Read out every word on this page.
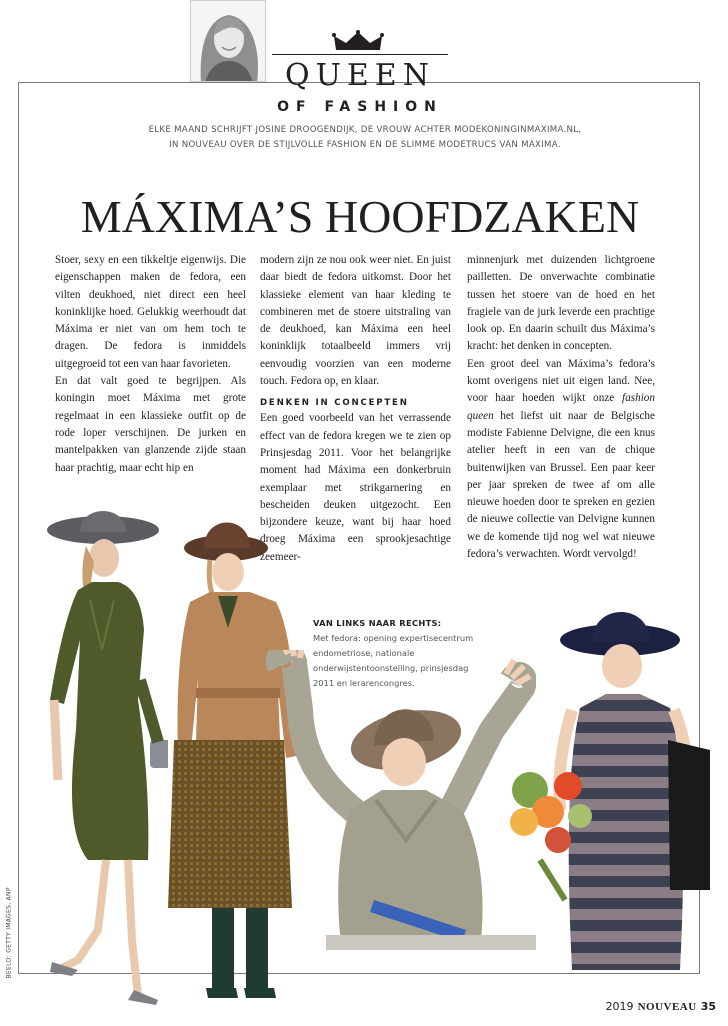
QUEEN
OF FASHION
ELKE MAAND SCHRIJFT JOSINE DROOGENDIJK, DE VROUW ACHTER MODEKONINGINMAXIMA.NL,
IN NOUVEAU OVER DE STIJLVOLLE FASHION EN DE SLIMME MODETRUCS VAN MÁXIMA.
MÁXIMA’S HOOFDZAKEN

Stoer, sexy en een tikkeltje eigenwijs. Die eigenschappen maken de fedora, een vilten deukhoed, niet direct een heel koninklijke hoed. Gelukkig weerhoudt dat Máxima er niet van om hem toch te dragen. De fedora is inmiddels uitgegroeid tot een van haar favorieten.

En dat valt goed te begrijpen. Als koningin moet Máxima met grote regelmaat in een klassieke outfit op de rode loper verschijnen. De jurken en mantelpakken van glanzende zijde staan haar prachtig, maar echt hip en

modern zijn ze nou ook weer niet. En juist daar biedt de fedora uitkomst. Door het klassieke element van haar kleding te combineren met de stoere uitstraling van de deukhoed, kan Máxima een heel koninklijk totaalbeeld immers vrij eenvoudig voorzien van een moderne touch. Fedora op, en klaar.

DENKEN IN CONCEPTEN

Een goed voorbeeld van het verrassende effect van de fedora kregen we te zien op Prinsjesdag 2011. Voor het belangrijke moment had Máxima een donkerbruin exemplaar met strikgarnering en bescheiden deuken uitgezocht. Een bijzondere keuze, want bij haar hoed droeg Máxima een sprookjesachtige zeemeer-

minnenjurk met duizenden lichtgroene pailletten. De onverwachte combinatie tussen het stoere van de hoed en het fragiele van de jurk leverde een prachtige look op. En daarin schuilt dus Máxima’s kracht: het denken in concepten.

Een groot deel van Máxima’s fedora’s komt overigens niet uit eigen land. Nee, voor haar hoeden wijkt onze fashion queen het liefst uit naar de Belgische modiste Fabienne Delvigne, die een knus atelier heeft in een van de chique buitenwijken van Brussel. Een paar keer per jaar spreken de twee af om alle nieuwe hoeden door te spreken en gezien de nieuwe collectie van Delvigne kunnen we de komende tijd nog wel wat nieuwe fedora’s verwachten. Wordt vervolgd!

VAN LINKS NAAR RECHTS:
Met fedora: opening expertisecentrum endometriose, nationale onderwijstentoonstelling, prinsjesdag 2011 en lerarencongres.
BEELD: GETTY IMAGES, ANP
2019 NOUVEAU 35
